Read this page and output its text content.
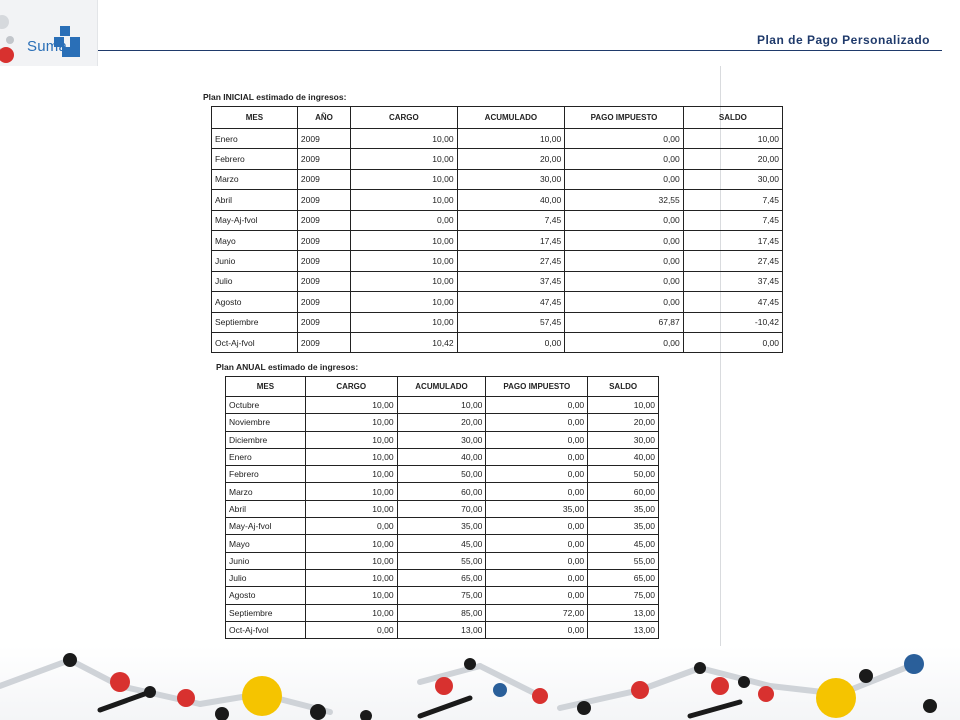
Suma	Plan de Pago Personalizado
Plan INICIAL estimado de ingresos:
MES	AÑO	CARGO	ACUMULADO	PAGO IMPUESTO	SALDO
Enero	2009	10,00	10,00	0,00	10,00
Febrero	2009	10,00	20,00	0,00	20,00
Marzo	2009	10,00	30,00	0,00	30,00
Abril	2009	10,00	40,00	32,55	7,45
May-Aj-fvol	2009	0,00	7,45	0,00	7,45
Mayo	2009	10,00	17,45	0,00	17,45
Junio	2009	10,00	27,45	0,00	27,45
Julio	2009	10,00	37,45	0,00	37,45
Agosto	2009	10,00	47,45	0,00	47,45
Septiembre	2009	10,00	57,45	67,87	-10,42
Oct-Aj-fvol	2009	10,42	0,00	0,00	0,00
Plan ANUAL estimado de ingresos:
MES	CARGO	ACUMULADO	PAGO IMPUESTO	SALDO
Octubre	10,00	10,00	0,00	10,00
Noviembre	10,00	20,00	0,00	20,00
Diciembre	10,00	30,00	0,00	30,00
Enero	10,00	40,00	0,00	40,00
Febrero	10,00	50,00	0,00	50,00
Marzo	10,00	60,00	0,00	60,00
Abril	10,00	70,00	35,00	35,00
May-Aj-fvol	0,00	35,00	0,00	35,00
Mayo	10,00	45,00	0,00	45,00
Junio	10,00	55,00	0,00	55,00
Julio	10,00	65,00	0,00	65,00
Agosto	10,00	75,00	0,00	75,00
Septiembre	10,00	85,00	72,00	13,00
Oct-Aj-fvol	0,00	13,00	0,00	13,00
